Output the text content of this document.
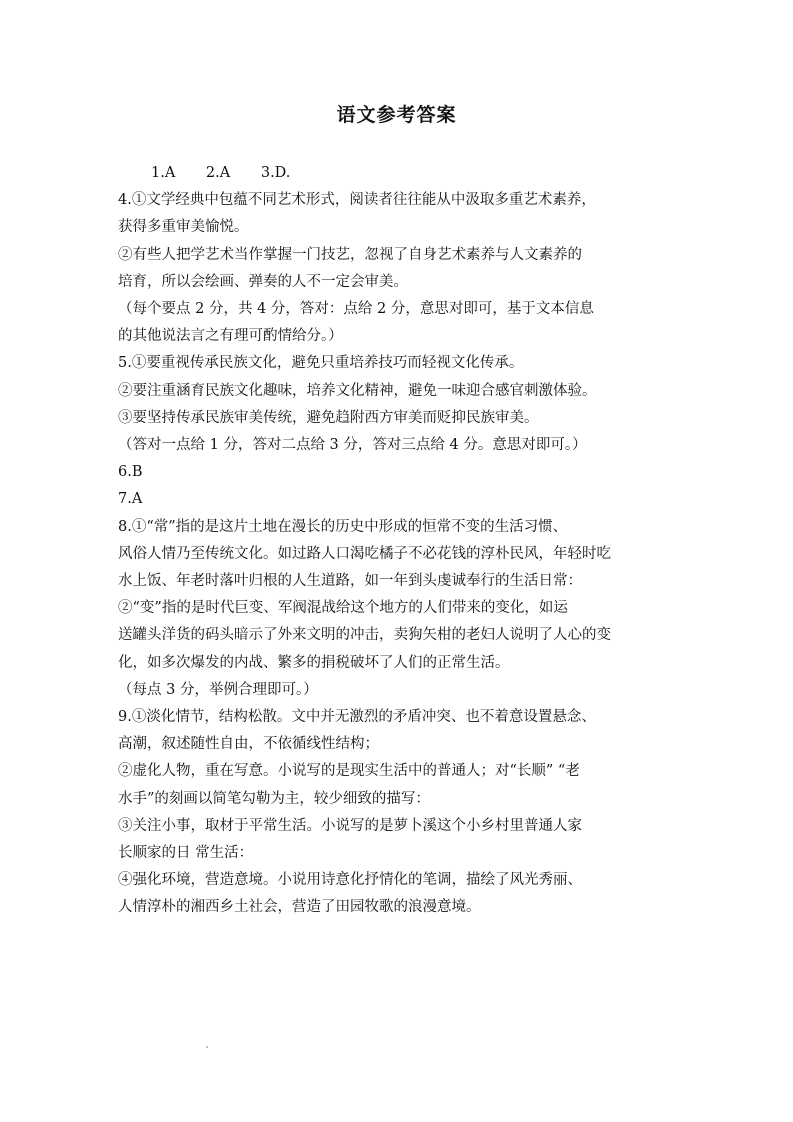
语文参考答案

1.A 2.A 3.D.

4.①文学经典中包蕴不同艺术形式，阅读者往往能从中汲取多重艺术素养，

获得多重审美愉悦。

②有些人把学艺术当作掌握一门技艺，忽视了自身艺术素养与人文素养的

培育，所以会绘画、弹奏的人不一定会审美。

（每个要点 2 分，共 4 分，答对：点给 2 分，意思对即可，基于文本信息

的其他说法言之有理可酌情给分。）

5.①要重视传承民族文化，避免只重培养技巧而轻视文化传承。

②要注重涵育民族文化趣味，培养文化精神，避免一味迎合感官刺激体验。

③要坚持传承民族审美传统，避免趋附西方审美而贬抑民族审美。

（答对一点给 1 分，答对二点给 3 分，答对三点给 4 分。意思对即可。）

6.B

7.A

8.①“常”指的是这片土地在漫长的历史中形成的恒常不变的生活习惯、

风俗人情乃至传统文化。如过路人口渴吃橘子不必花钱的淳朴民风，年轻时吃

水上饭、年老时落叶归根的人生道路，如一年到头虔诚奉行的生活日常：

②“变”指的是时代巨变、军阀混战给这个地方的人们带来的变化，如运

送罐头洋货的码头暗示了外来文明的冲击，卖狗矢柑的老妇人说明了人心的变

化，如多次爆发的内战、繁多的捐税破坏了人们的正常生活。

（每点 3 分，举例合理即可。）

9.①淡化情节，结构松散。文中并无激烈的矛盾冲突、也不着意设置悬念、

高潮，叙述随性自由，不依循线性结构；

②虚化人物，重在写意。小说写的是现实生活中的普通人；对“长顺” “老

水手”的刻画以简笔勾勒为主，较少细致的描写：

③关注小事，取材于平常生活。小说写的是萝卜溪这个小乡村里普通人家

长顺家的日 常生活：

④强化环境，营造意境。小说用诗意化抒情化的笔调，描绘了风光秀丽、

人情淳朴的湘西乡土社会，营造了田园牧歌的浪漫意境。
